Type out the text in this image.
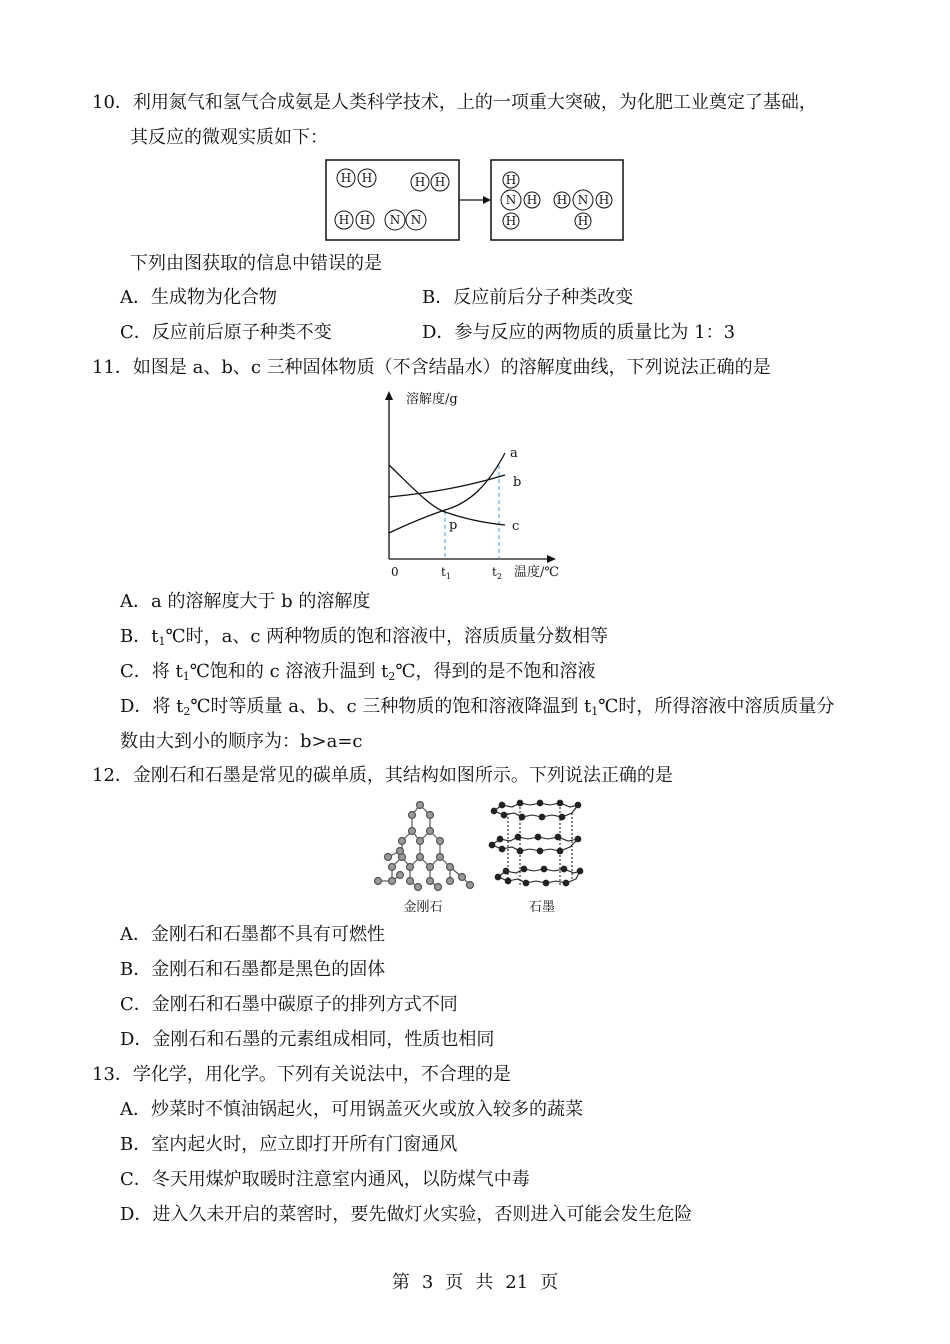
10．利用氮气和氢气合成氨是人类科学技术，上的一项重大突破，为化肥工业奠定了基础，
其反应的微观实质如下：
H H	H H
H H N N
H
N H
H
H N H
H
下列由图获取的信息中错误的是
A．生成物为化合物	B．反应前后分子种类改变
C．反应前后原子种类不变	D．参与反应的两物质的质量比为 1：3
11．如图是 a、b、c 三种固体物质（不含结晶水）的溶解度曲线，下列说法正确的是
溶解度/g
温度/℃
0	$t_1$	$t_2$
a
b
c
p
A．a 的溶解度大于 b 的溶解度
B．$t_1℃$时，a、c 两种物质的饱和溶液中，溶质质量分数相等
C．将 $t_1℃$饱和的 c 溶液升温到 $t_2℃$，得到的是不饱和溶液
D．将 $t_2℃$时等质量 a、b、c 三种物质的饱和溶液降温到 $t_1℃$时，所得溶液中溶质质量分
数由大到小的顺序为：b>a=c
12．金刚石和石墨是常见的碳单质，其结构如图所示。下列说法正确的是
金刚石	石墨
A．金刚石和石墨都不具有可燃性
B．金刚石和石墨都是黑色的固体
C．金刚石和石墨中碳原子的排列方式不同
D．金刚石和石墨的元素组成相同，性质也相同
13．学化学，用化学。下列有关说法中，不合理的是
A．炒菜时不慎油锅起火，可用锅盖灭火或放入较多的蔬菜
B．室内起火时，应立即打开所有门窗通风
C．冬天用煤炉取暖时注意室内通风，以防煤气中毒
D．进入久未开启的菜窖时，要先做灯火实验，否则进入可能会发生危险
第 3 页 共 21 页
